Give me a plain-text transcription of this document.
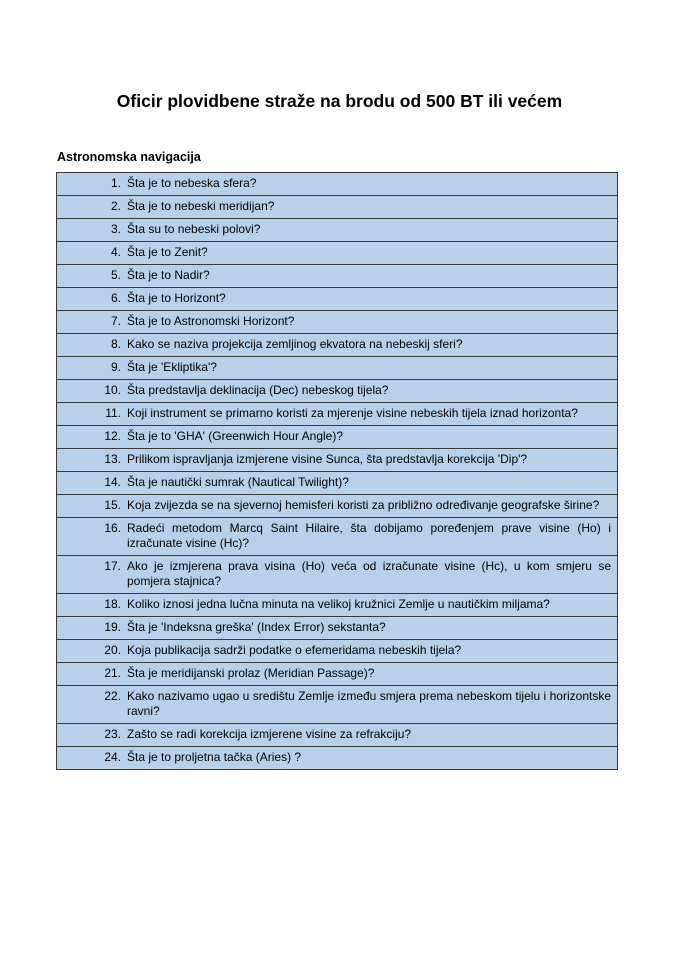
Oficir plovidbene straže na brodu od 500 BT ili većem
Astronomska navigacija
1.	Šta je to nebeska sfera?
2.	Šta je to nebeski meridijan?
3.	Šta su to nebeski polovi?
4.	Šta je to Zenit?
5.	Šta je to Nadir?
6.	Šta je to Horizont?
7.	Šta je to Astronomski Horizont?
8.	Kako se naziva projekcija zemljinog ekvatora na nebeskij sferi?
9.	Šta je 'Ekliptika'?
10.	Šta predstavlja deklinacija (Dec) nebeskog tijela?
11.	Koji instrument se primarno koristi za mjerenje visine nebeskih tijela iznad horizonta?
12.	Šta je to 'GHA' (Greenwich Hour Angle)?
13.	Prilikom ispravljanja izmjerene visine Sunca, šta predstavlja korekcija 'Dip'?
14.	Šta je nautički sumrak (Nautical Twilight)?
15.	Koja zvijezda se na sjevernoj hemisferi koristi za približno određivanje geografske širine?
16.	Radeći metodom Marcq Saint Hilaire, šta dobijamo poređenjem prave visine (Ho) i izračunate visine (Hc)?
17.	Ako je izmjerena prava visina (Ho) veća od izračunate visine (Hc), u kom smjeru se pomjera stajnica?
18.	Koliko iznosi jedna lučna minuta na velikoj kružnici Zemlje u nautičkim miljama?
19.	Šta je 'Indeksna greška' (Index Error) sekstanta?
20.	Koja publikacija sadrži podatke o efemeridama nebeskih tijela?
21.	Šta je meridijanski prolaz (Meridian Passage)?
22.	Kako nazivamo ugao u središtu Zemlje između smjera prema nebeskom tijelu i horizontske ravni?
23.	Zašto se radi korekcija izmjerene visine za refrakciju?
24.	Šta je to proljetna tačka (Aries) ?
